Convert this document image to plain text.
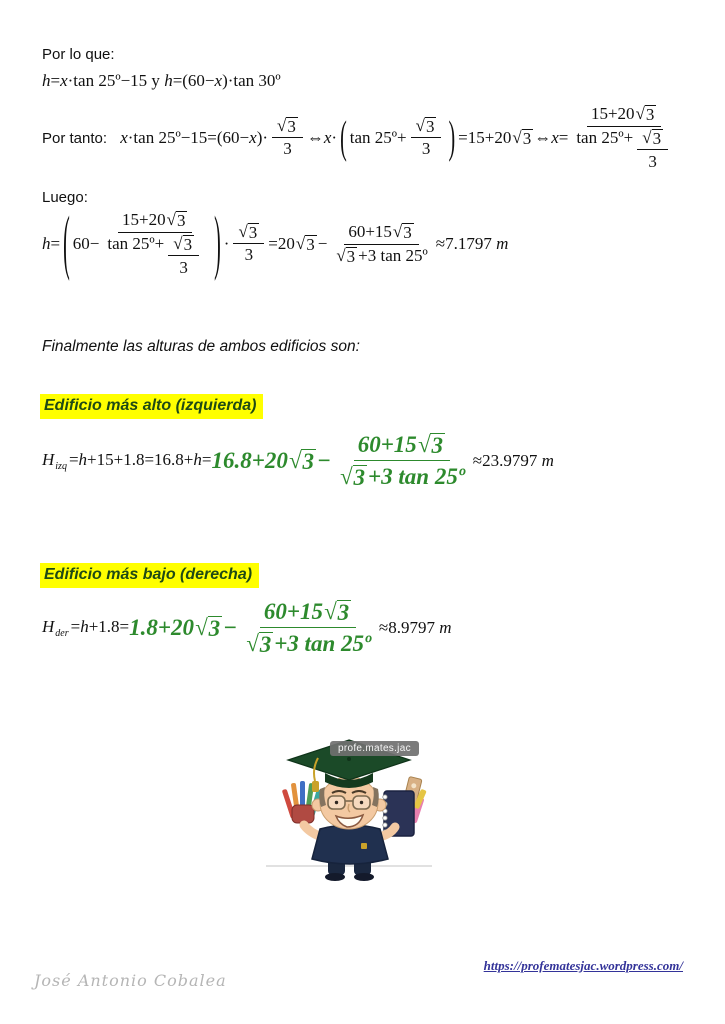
Por lo que:
h=x·tan 25º−15 y h=(60−x)·tan 30º
Por tanto: x·tan 25º−15=(60−x)· $\frac{√ 3}{3}$ ⇔x· ( tan 25º+ $\frac{√ 3}{3}$ ) =15+20 √ 3 ⇔x= $\frac{15+20 √ 3}{\tan 25º+ \frac{√ 3}{3}}$
Luego:
h= ( $60- \frac{15+20 √ 3}{\tan 25º+ \frac{√ 3}{3}}$ ) · $\frac{√ 3}{3} =20$ √ $3 - \frac{60+15 √ 3}{\text{√ 3 +3 tan 25º}} \approx 7.1797$ m
Finalmente las alturas de ambos edificios son:
Edificio más alto (izquierda)
$H_{izq} =h+15+1.8=16.8+h= 16.8+20$ √ $3 - \frac{60+15 √ 3}{\text{√ 3 +3 tan 25º}} \approx 23.9797$ m
Edificio más bajo (derecha)
$H_{der} =h+1.8= 1.8+20$ √ $3 - \frac{60+15 √ 3}{\text{√ 3 +3 tan 25º}} \approx 8.9797$ m
profe.mates.jac
José Antonio Cobalea
https://profematesjac.wordpress.com/
